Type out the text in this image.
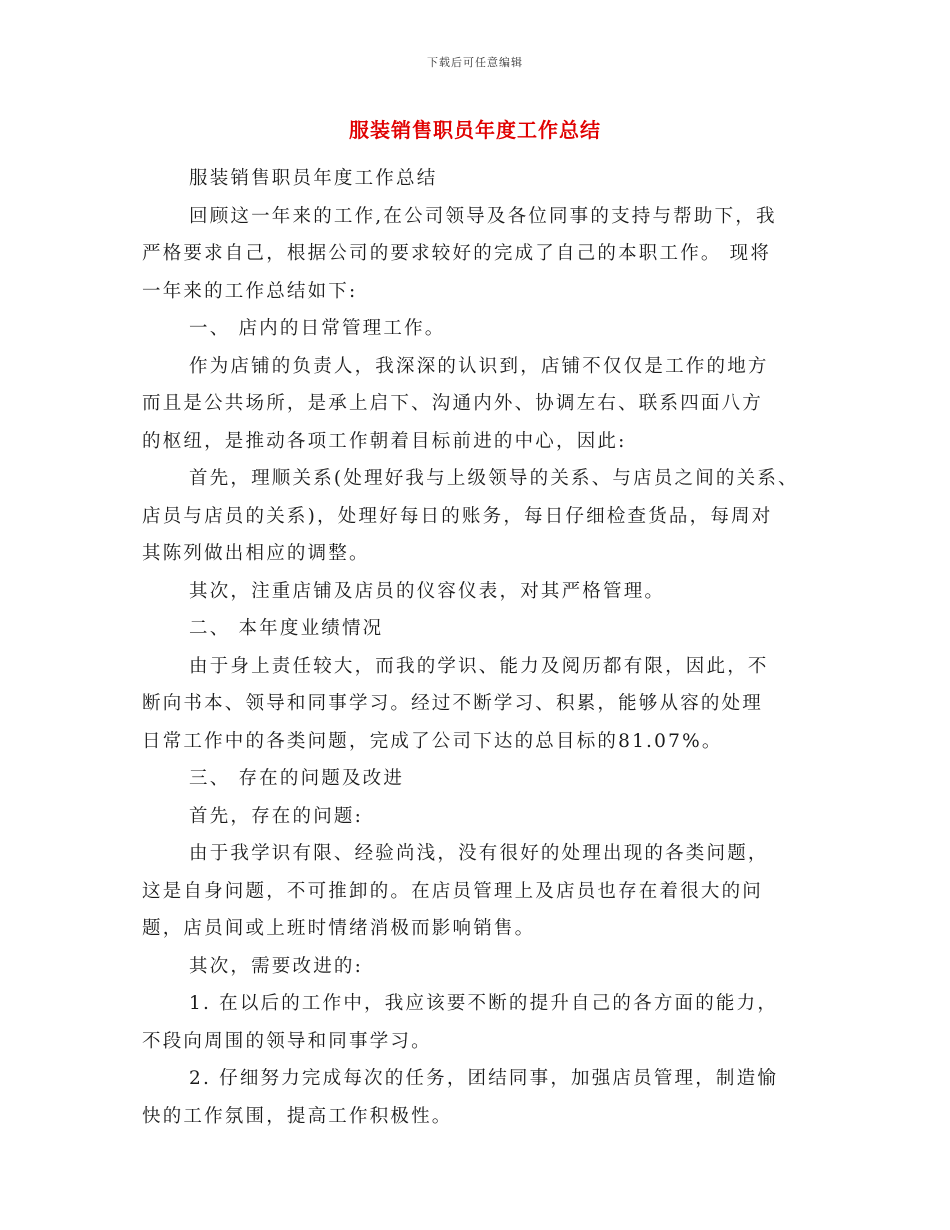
下载后可任意编辑
服装销售职员年度工作总结
服装销售职员年度工作总结
回顾这一年来的工作,在公司领导及各位同事的支持与帮助下，我
严格要求自己，根据公司的要求较好的完成了自己的本职工作。 现将
一年来的工作总结如下:
一、 店内的日常管理工作。
作为店铺的负责人，我深深的认识到，店铺不仅仅是工作的地方
而且是公共场所，是承上启下、沟通内外、协调左右、联系四面八方
的枢纽，是推动各项工作朝着目标前进的中心，因此:
首先，理顺关系(处理好我与上级领导的关系、与店员之间的关系、
店员与店员的关系)，处理好每日的账务，每日仔细检查货品，每周对
其陈列做出相应的调整。
其次，注重店铺及店员的仪容仪表，对其严格管理。
二、 本年度业绩情况
由于身上责任较大，而我的学识、能力及阅历都有限，因此，不
断向书本、领导和同事学习。经过不断学习、积累，能够从容的处理
日常工作中的各类问题，完成了公司下达的总目标的81.07%。
三、 存在的问题及改进
首先，存在的问题:
由于我学识有限、经验尚浅，没有很好的处理出现的各类问题，
这是自身问题，不可推卸的。在店员管理上及店员也存在着很大的问
题，店员间或上班时情绪消极而影响销售。
其次，需要改进的:
1. 在以后的工作中，我应该要不断的提升自己的各方面的能力，
不段向周围的领导和同事学习。
2. 仔细努力完成每次的任务，团结同事，加强店员管理，制造愉
快的工作氛围，提高工作积极性。
